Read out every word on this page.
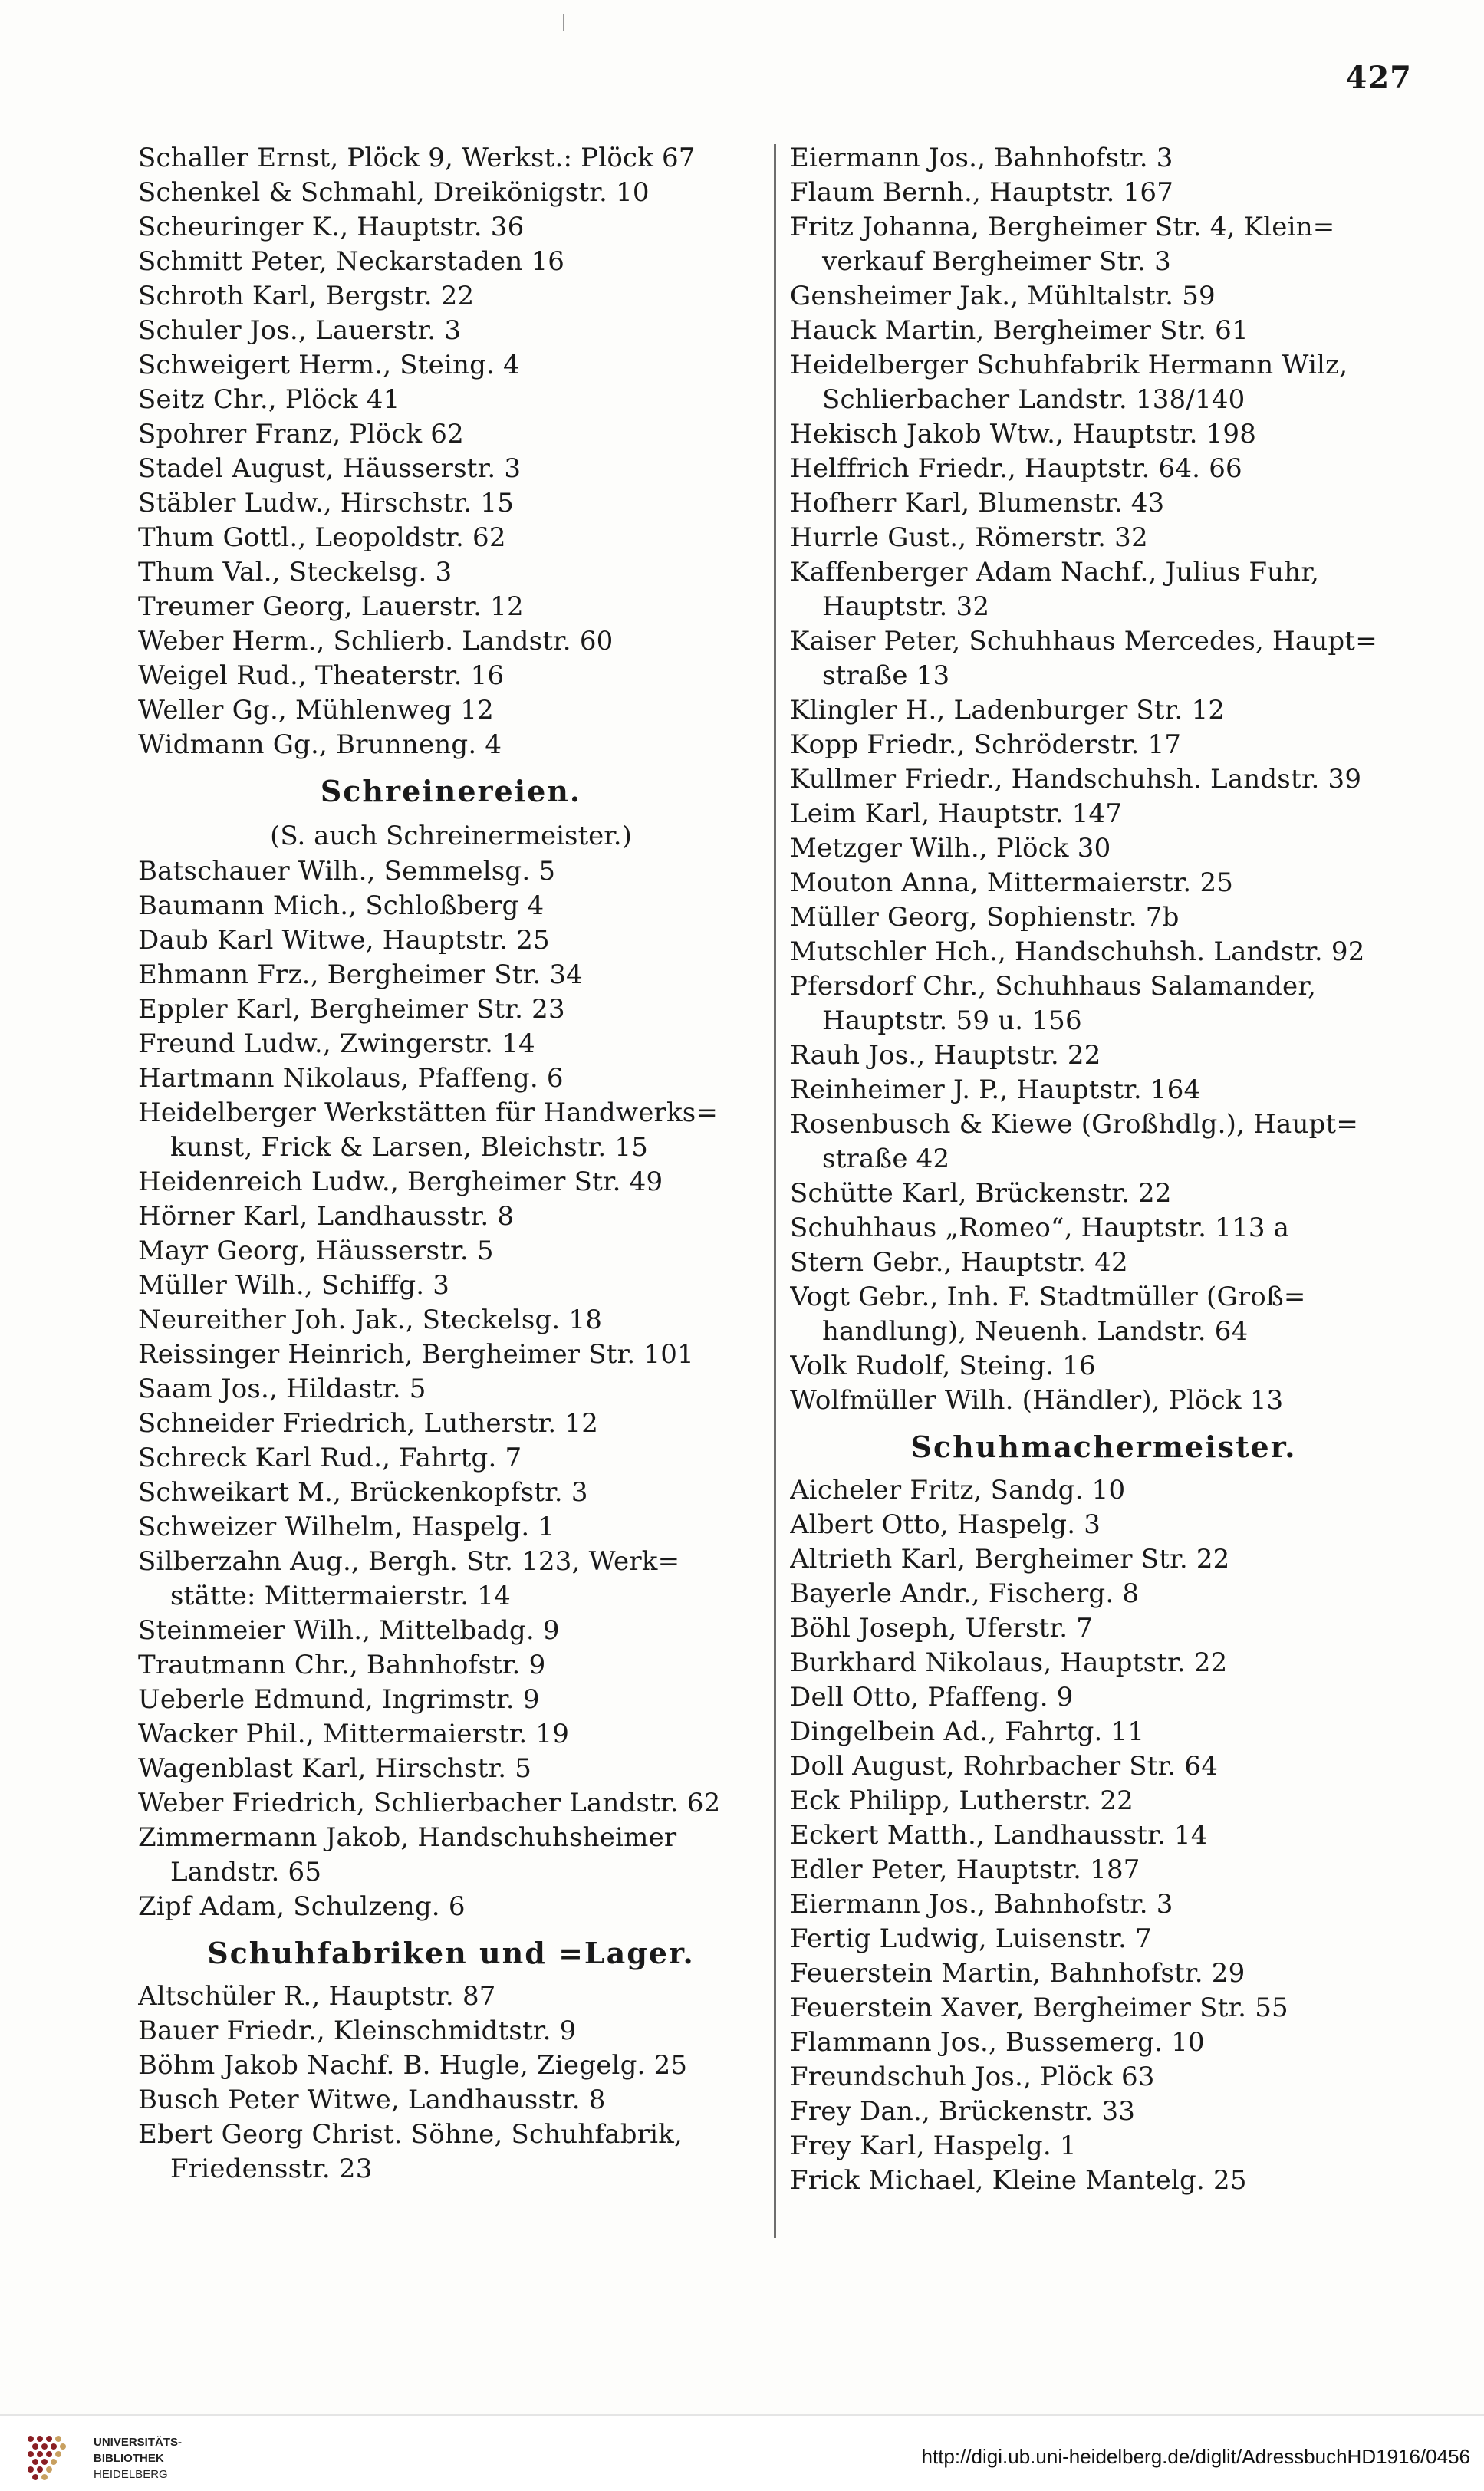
427
Schaller Ernst, Plöck 9, Werkst.: Plöck 67
Schenkel & Schmahl, Dreikönigstr. 10
Scheuringer K., Hauptstr. 36
Schmitt Peter, Neckarstaden 16
Schroth Karl, Bergstr. 22
Schuler Jos., Lauerstr. 3
Schweigert Herm., Steing. 4
Seitz Chr., Plöck 41
Spohrer Franz, Plöck 62
Stadel August, Häusserstr. 3
Stäbler Ludw., Hirschstr. 15
Thum Gottl., Leopoldstr. 62
Thum Val., Steckelsg. 3
Treumer Georg, Lauerstr. 12
Weber Herm., Schlierb. Landstr. 60
Weigel Rud., Theaterstr. 16
Weller Gg., Mühlenweg 12
Widmann Gg., Brunneng. 4
Schreinereien.
(S. auch Schreinermeister.)
Batschauer Wilh., Semmelsg. 5
Baumann Mich., Schloßberg 4
Daub Karl Witwe, Hauptstr. 25
Ehmann Frz., Bergheimer Str. 34
Eppler Karl, Bergheimer Str. 23
Freund Ludw., Zwingerstr. 14
Hartmann Nikolaus, Pfaffeng. 6
Heidelberger Werkstätten für Handwerks=
kunst, Frick & Larsen, Bleichstr. 15
Heidenreich Ludw., Bergheimer Str. 49
Hörner Karl, Landhausstr. 8
Mayr Georg, Häusserstr. 5
Müller Wilh., Schiffg. 3
Neureither Joh. Jak., Steckelsg. 18
Reissinger Heinrich, Bergheimer Str. 101
Saam Jos., Hildastr. 5
Schneider Friedrich, Lutherstr. 12
Schreck Karl Rud., Fahrtg. 7
Schweikart M., Brückenkopfstr. 3
Schweizer Wilhelm, Haspelg. 1
Silberzahn Aug., Bergh. Str. 123, Werk=
stätte: Mittermaierstr. 14
Steinmeier Wilh., Mittelbadg. 9
Trautmann Chr., Bahnhofstr. 9
Ueberle Edmund, Ingrimstr. 9
Wacker Phil., Mittermaierstr. 19
Wagenblast Karl, Hirschstr. 5
Weber Friedrich, Schlierbacher Landstr. 62
Zimmermann Jakob, Handschuhsheimer
Landstr. 65
Zipf Adam, Schulzeng. 6
Schuhfabriken und =Lager.
Altschüler R., Hauptstr. 87
Bauer Friedr., Kleinschmidtstr. 9
Böhm Jakob Nachf. B. Hugle, Ziegelg. 25
Busch Peter Witwe, Landhausstr. 8
Ebert Georg Christ. Söhne, Schuhfabrik,
Friedensstr. 23
Eiermann Jos., Bahnhofstr. 3
Flaum Bernh., Hauptstr. 167
Fritz Johanna, Bergheimer Str. 4, Klein=
verkauf Bergheimer Str. 3
Gensheimer Jak., Mühltalstr. 59
Hauck Martin, Bergheimer Str. 61
Heidelberger Schuhfabrik Hermann Wilz,
Schlierbacher Landstr. 138/140
Hekisch Jakob Wtw., Hauptstr. 198
Helffrich Friedr., Hauptstr. 64. 66
Hofherr Karl, Blumenstr. 43
Hurrle Gust., Römerstr. 32
Kaffenberger Adam Nachf., Julius Fuhr,
Hauptstr. 32
Kaiser Peter, Schuhhaus Mercedes, Haupt=
straße 13
Klingler H., Ladenburger Str. 12
Kopp Friedr., Schröderstr. 17
Kullmer Friedr., Handschuhsh. Landstr. 39
Leim Karl, Hauptstr. 147
Metzger Wilh., Plöck 30
Mouton Anna, Mittermaierstr. 25
Müller Georg, Sophienstr. 7b
Mutschler Hch., Handschuhsh. Landstr. 92
Pfersdorf Chr., Schuhhaus Salamander,
Hauptstr. 59 u. 156
Rauh Jos., Hauptstr. 22
Reinheimer J. P., Hauptstr. 164
Rosenbusch & Kiewe (Großhdlg.), Haupt=
straße 42
Schütte Karl, Brückenstr. 22
Schuhhaus „Romeo“, Hauptstr. 113 a
Stern Gebr., Hauptstr. 42
Vogt Gebr., Inh. F. Stadtmüller (Groß=
handlung), Neuenh. Landstr. 64
Volk Rudolf, Steing. 16
Wolfmüller Wilh. (Händler), Plöck 13
Schuhmachermeister.
Aicheler Fritz, Sandg. 10
Albert Otto, Haspelg. 3
Altrieth Karl, Bergheimer Str. 22
Bayerle Andr., Fischerg. 8
Böhl Joseph, Uferstr. 7
Burkhard Nikolaus, Hauptstr. 22
Dell Otto, Pfaffeng. 9
Dingelbein Ad., Fahrtg. 11
Doll August, Rohrbacher Str. 64
Eck Philipp, Lutherstr. 22
Eckert Matth., Landhausstr. 14
Edler Peter, Hauptstr. 187
Eiermann Jos., Bahnhofstr. 3
Fertig Ludwig, Luisenstr. 7
Feuerstein Martin, Bahnhofstr. 29
Feuerstein Xaver, Bergheimer Str. 55
Flammann Jos., Bussemerg. 10
Freundschuh Jos., Plöck 63
Frey Dan., Brückenstr. 33
Frey Karl, Haspelg. 1
Frick Michael, Kleine Mantelg. 25
UNIVERSITÄTS-
BIBLIOTHEK
HEIDELBERG
http://digi.ub.uni-heidelberg.de/diglit/AdressbuchHD1916/0456
